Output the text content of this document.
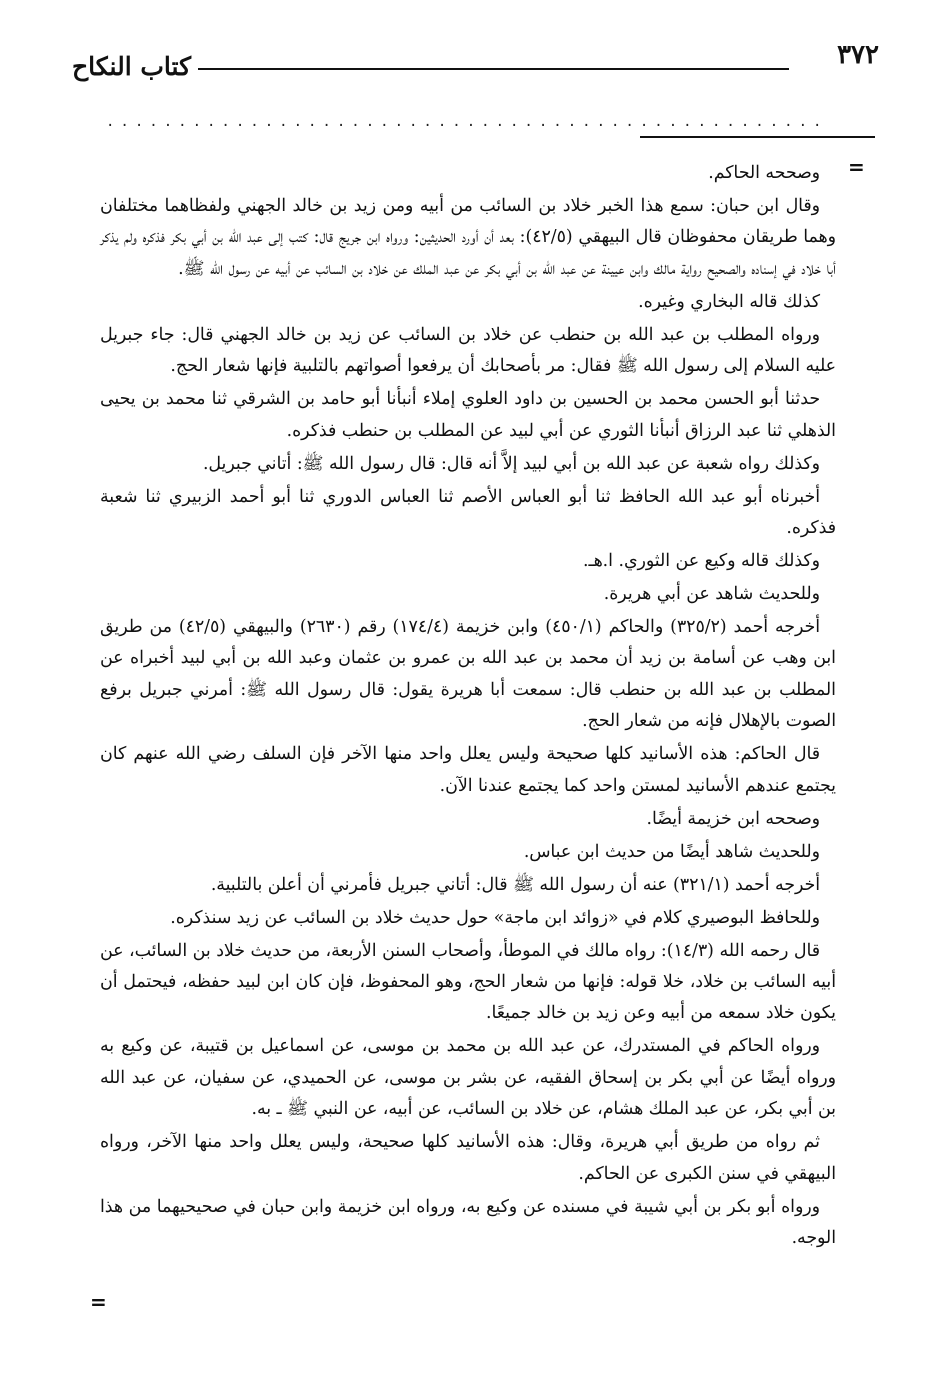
٣٧٢
كتاب النكاح
..................................................
=

وصححه الحاكم.

وقال ابن حبان: سمع هذا الخبر خلاد بن السائب من أبيه ومن زيد بن خالد الجهني ولفظاهما مختلفان وهما طريقان محفوظان قال البيهقي (٤٢/٥): بعد أن أورد الحديثين: ورواه ابن جريج قال: كتب إلى عبد الله بن أبي بكر فذكره ولم يذكر أبا خلاد في إسناده والصحيح رواية مالك وابن عيينة عن عبد الله بن أبي بكر عن عبد الملك عن خلاد بن السائب عن أبيه عن رسول الله ﷺ.

كذلك قاله البخاري وغيره.

ورواه المطلب بن عبد الله بن حنطب عن خلاد بن السائب عن زيد بن خالد الجهني قال: جاء جبريل عليه السلام إلى رسول الله ﷺ فقال: مر بأصحابك أن يرفعوا أصواتهم بالتلبية فإنها شعار الحج.

حدثنا أبو الحسن محمد بن الحسين بن داود العلوي إملاء أنبأنا أبو حامد بن الشرقي ثنا محمد بن يحيى الذهلي ثنا عبد الرزاق أنبأنا الثوري عن أبي لبيد عن المطلب بن حنطب فذكره.

وكذلك رواه شعبة عن عبد الله بن أبي لبيد إلاَّ أنه قال: قال رسول الله ﷺ: أتاني جبريل.

أخبرناه أبو عبد الله الحافظ ثنا أبو العباس الأصم ثنا العباس الدوري ثنا أبو أحمد الزبيري ثنا شعبة فذكره.

وكذلك قاله وكيع عن الثوري. ا.هـ.

وللحديث شاهد عن أبي هريرة.

أخرجه أحمد (٣٢٥/٢) والحاكم (٤٥٠/١) وابن خزيمة (١٧٤/٤) رقم (٢٦٣٠) والبيهقي (٤٢/٥) من طريق ابن وهب عن أسامة بن زيد أن محمد بن عبد الله بن عمرو بن عثمان وعبد الله بن أبي لبيد أخبراه عن المطلب بن عبد الله بن حنطب قال: سمعت أبا هريرة يقول: قال رسول الله ﷺ: أمرني جبريل برفع الصوت بالإهلال فإنه من شعار الحج.

قال الحاكم: هذه الأسانيد كلها صحيحة وليس يعلل واحد منها الآخر فإن السلف رضي الله عنهم كان يجتمع عندهم الأسانيد لمستن واحد كما يجتمع عندنا الآن.

وصححه ابن خزيمة أيضًا.

وللحديث شاهد أيضًا من حديث ابن عباس.

أخرجه أحمد (٣٢١/١) عنه أن رسول الله ﷺ قال: أتاني جبريل فأمرني أن أعلن بالتلبية.

وللحافظ البوصيري كلام في «زوائد ابن ماجة» حول حديث خلاد بن السائب عن زيد سنذكره.

قال رحمه الله (١٤/٣): رواه مالك في الموطأ، وأصحاب السنن الأربعة، من حديث خلاد بن السائب، عن أبيه السائب بن خلاد، خلا قوله: فإنها من شعار الحج، وهو المحفوظ، فإن كان ابن لبيد حفظه، فيحتمل أن يكون خلاد سمعه من أبيه وعن زيد بن خالد جميعًا.

ورواه الحاكم في المستدرك، عن عبد الله بن محمد بن موسى، عن اسماعيل بن قتيبة، عن وكيع به ورواه أيضًا عن أبي بكر بن إسحاق الفقيه، عن بشر بن موسى، عن الحميدي، عن سفيان، عن عبد الله بن أبي بكر، عن عبد الملك هشام، عن خلاد بن السائب، عن أبيه، عن النبي ﷺ ـ به.

ثم رواه من طريق أبي هريرة، وقال: هذه الأسانيد كلها صحيحة، وليس يعلل واحد منها الآخر، ورواه البيهقي في سنن الكبرى عن الحاكم.

ورواه أبو بكر بن أبي شيبة في مسنده عن وكيع به، ورواه ابن خزيمة وابن حبان في صحيحيهما من هذا الوجه.

=
